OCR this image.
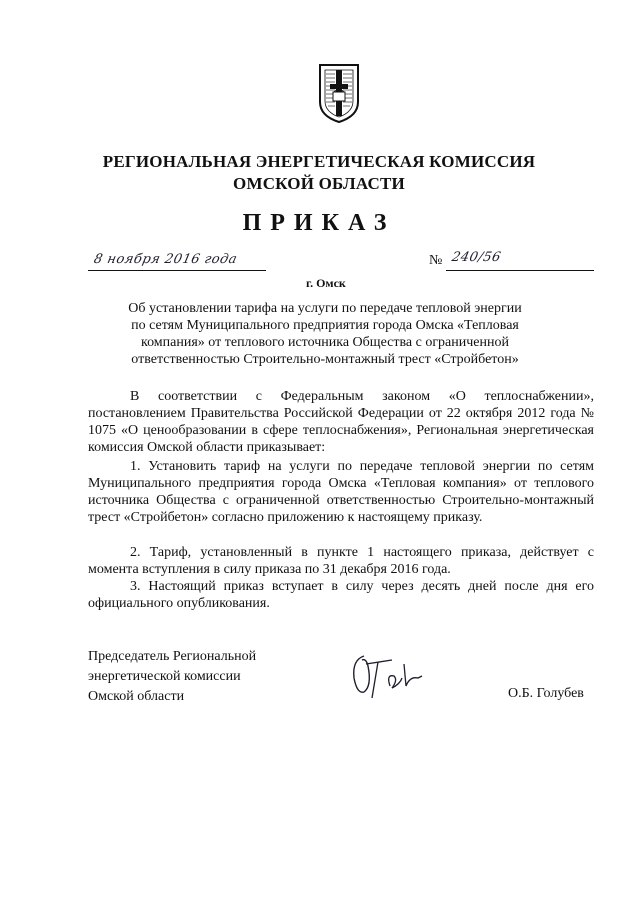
РЕГИОНАЛЬНАЯ ЭНЕРГЕТИЧЕСКАЯ КОМИССИЯ
ОМСКОЙ ОБЛАСТИ
ПРИКАЗ
8 ноября 2016 года
г. Омск
№ 240/56
Об установлении тарифа на услуги по передаче тепловой энергии
по сетям Муниципального предприятия города Омска «Тепловая
компания» от теплового источника Общества с ограниченной
ответственностью Строительно-монтажный трест «Стройбетон»
В соответствии с Федеральным законом «О теплоснабжении», постановлением Правительства Российской Федерации от 22 октября 2012 года № 1075 «О ценообразовании в сфере теплоснабжения», Региональная энергетическая комиссия Омской области приказывает:
1. Установить тариф на услуги по передаче тепловой энергии по сетям Муниципального предприятия города Омска «Тепловая компания» от теплового источника Общества с ограниченной ответственностью Строительно-монтажный трест «Стройбетон» согласно приложению к настоящему приказу.
2. Тариф, установленный в пункте 1 настоящего приказа, действует с момента вступления в силу приказа по 31 декабря 2016 года.
3. Настоящий приказ вступает в силу через десять дней после дня его официального опубликования.
Председатель Региональной
энергетической комиссии
Омской области	О.Б. Голубев
